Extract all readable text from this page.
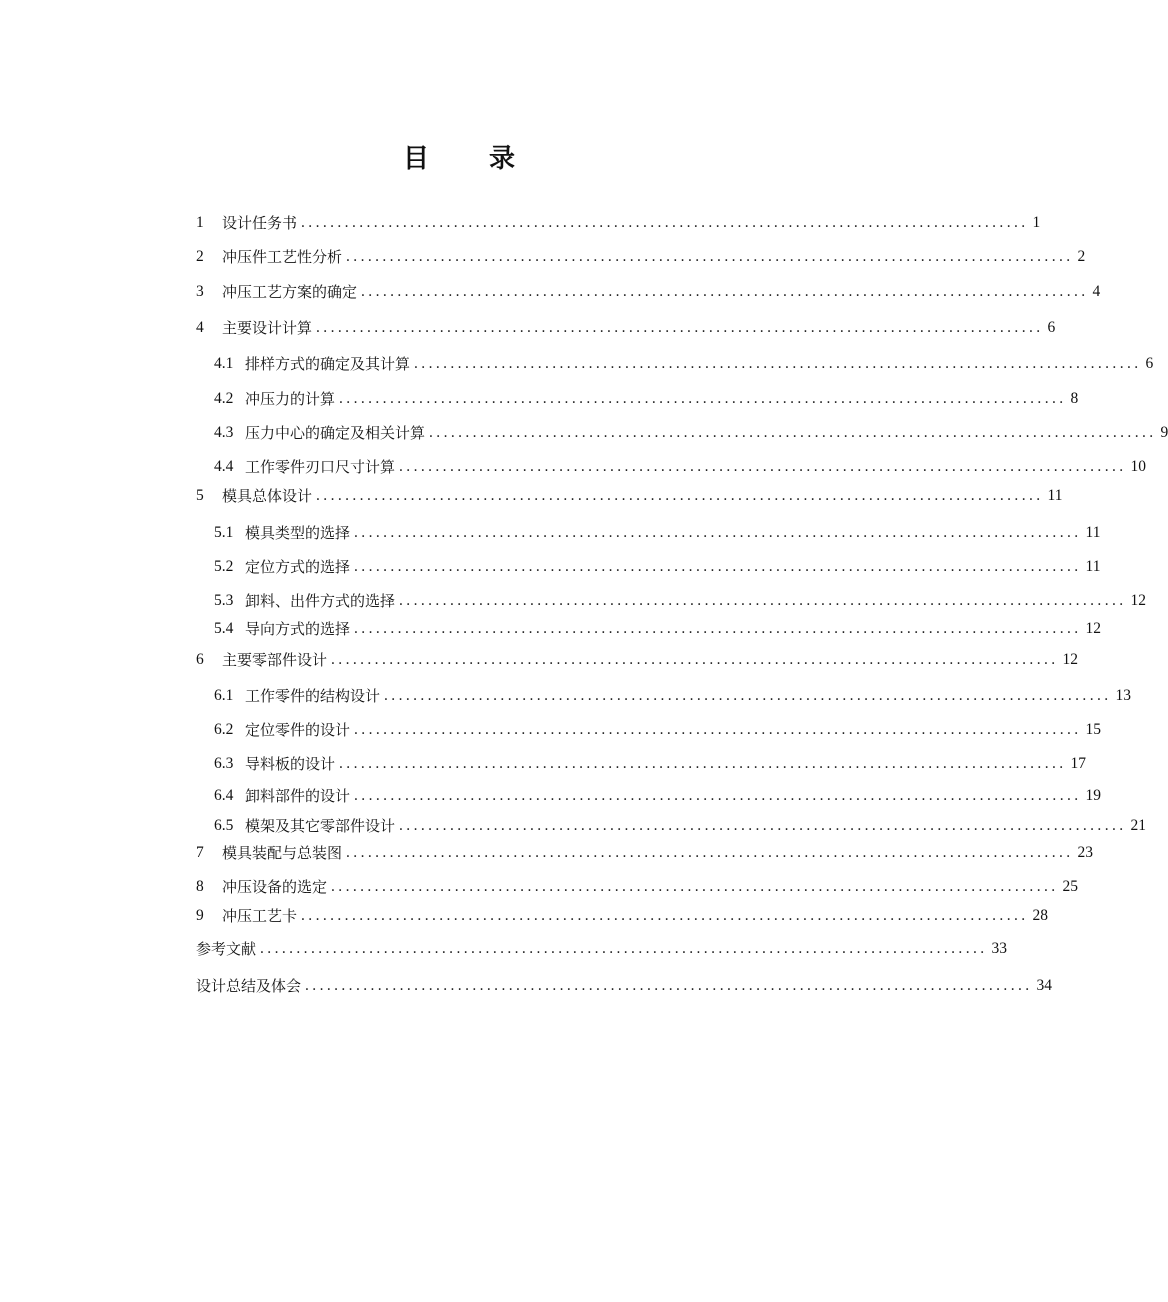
目 录
1	设计任务书 .................................................................................................... 1
2	冲压件工艺性分析 .................................................................................................... 2
3	冲压工艺方案的确定 .................................................................................................... 4
4	主要设计计算 .................................................................................................... 6
4.1 排样方式的确定及其计算 .................................................................................................... 6
4.2 冲压力的计算 .................................................................................................... 8
4.3 压力中心的确定及相关计算 .................................................................................................... 9
4.4 工作零件刃口尺寸计算 .................................................................................................... 10
5	模具总体设计 .................................................................................................... 11
5.1 模具类型的选择 .................................................................................................... 11
5.2 定位方式的选择 .................................................................................................... 11
5.3 卸料、出件方式的选择 .................................................................................................... 12
5.4 导向方式的选择 .................................................................................................... 12
6	主要零部件设计 .................................................................................................... 12
6.1 工作零件的结构设计 .................................................................................................... 13
6.2 定位零件的设计 .................................................................................................... 15
6.3 导料板的设计 .................................................................................................... 17
6.4 卸料部件的设计 .................................................................................................... 19
6.5 模架及其它零部件设计 .................................................................................................... 21
7	模具装配与总装图 .................................................................................................... 23
8	冲压设备的选定 .................................................................................................... 25
9	冲压工艺卡 .................................................................................................... 28
参考文献 .................................................................................................... 33
设计总结及体会 .................................................................................................... 34
